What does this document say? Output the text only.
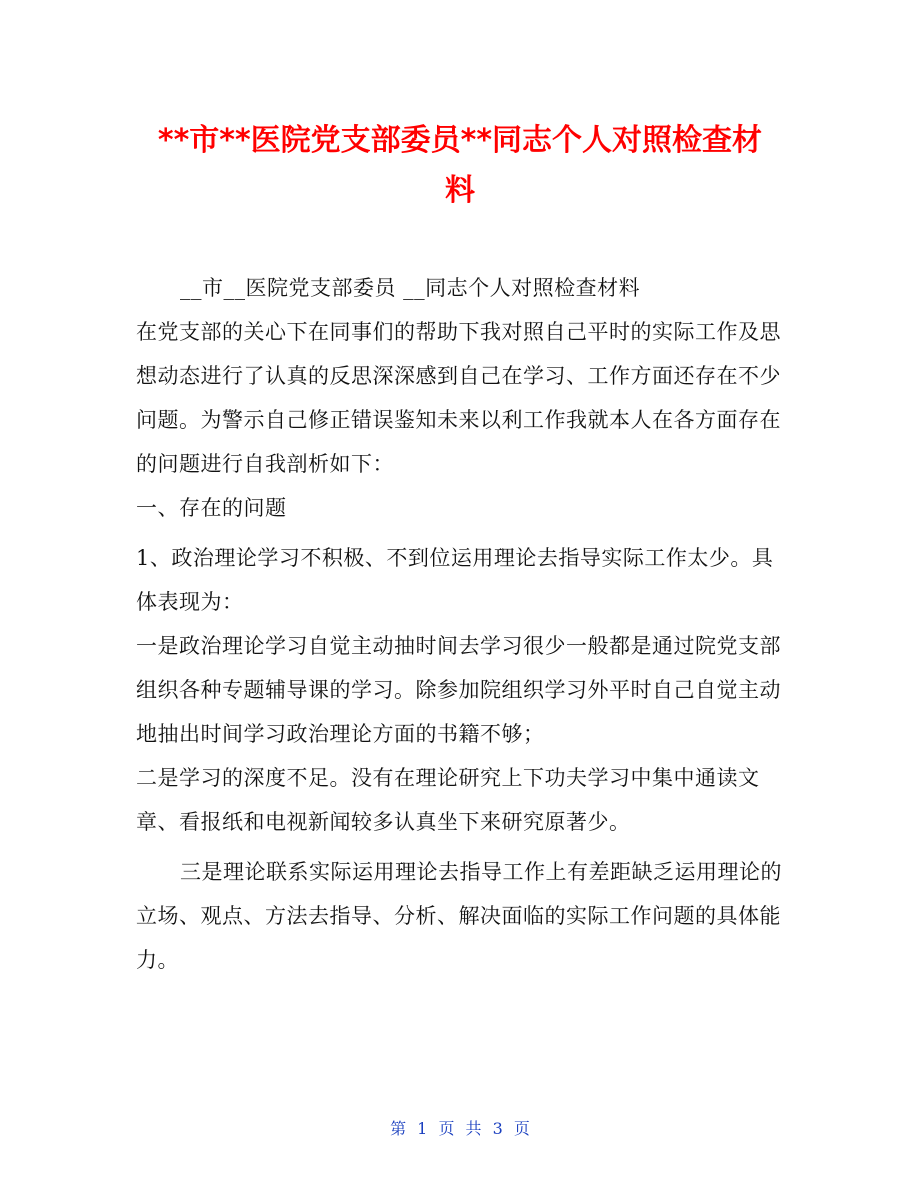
**市**医院党支部委员**同志个人对照检查材
料

__市__医院党支部委员 __同志个人对照检查材料

在党支部的关心下在同事们的帮助下我对照自己平时的实际工作及思想动态进行了认真的反思深深感到自己在学习、工作方面还存在不少问题。为警示自己修正错误鉴知未来以利工作我就本人在各方面存在的问题进行自我剖析如下：

一、存在的问题

1、政治理论学习不积极、不到位运用理论去指导实际工作太少。具体表现为：

一是政治理论学习自觉主动抽时间去学习很少一般都是通过院党支部组织各种专题辅导课的学习。除参加院组织学习外平时自己自觉主动地抽出时间学习政治理论方面的书籍不够；

二是学习的深度不足。没有在理论研究上下功夫学习中集中通读文章、看报纸和电视新闻较多认真坐下来研究原著少。

三是理论联系实际运用理论去指导工作上有差距缺乏运用理论的立场、观点、方法去指导、分析、解决面临的实际工作问题的具体能力。

第 1 页 共 3 页
